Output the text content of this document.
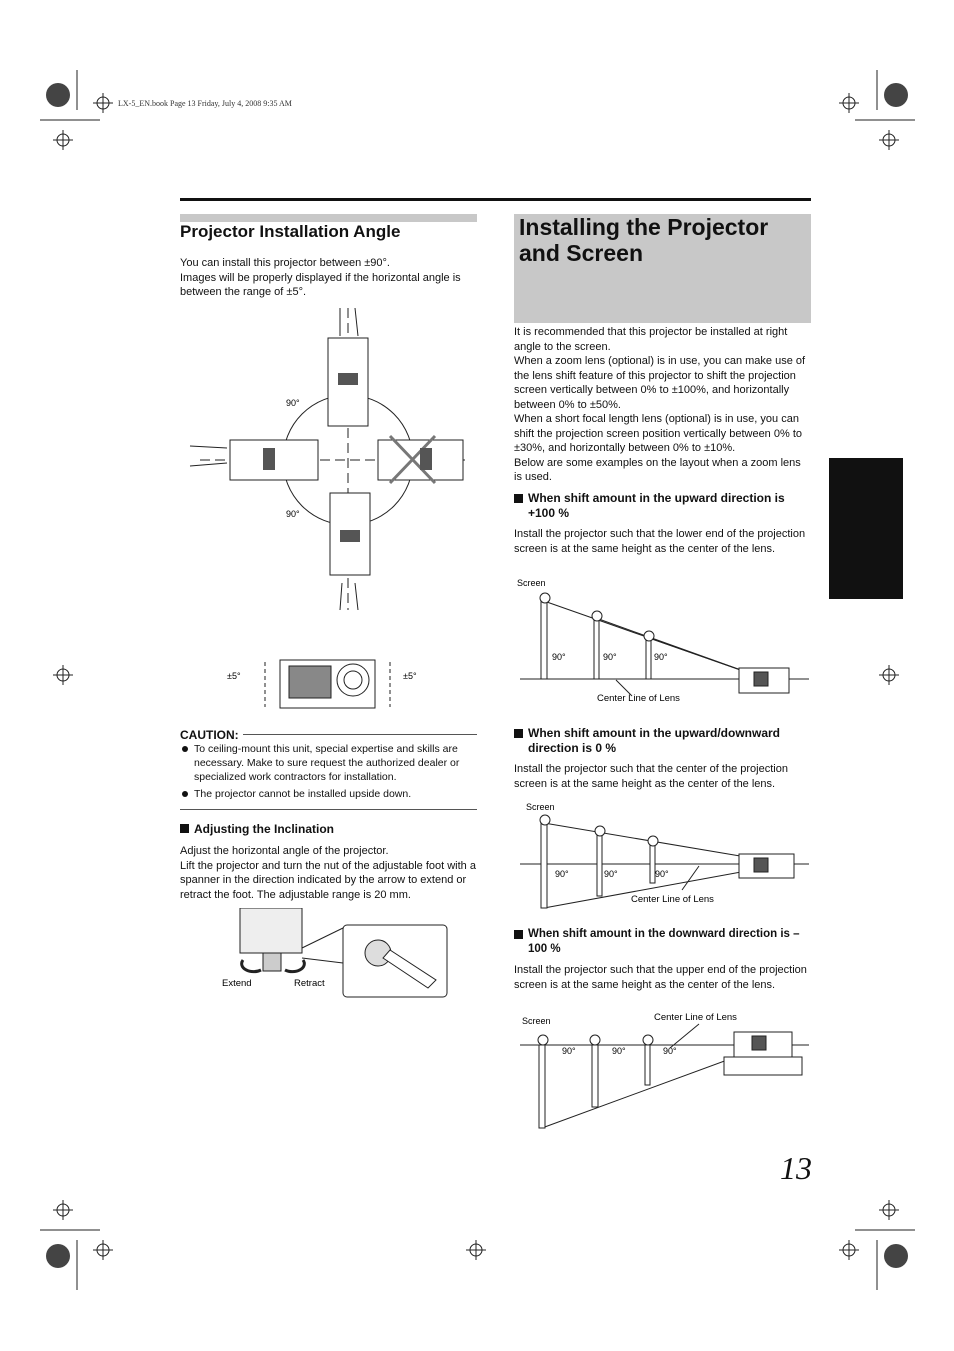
LX-5_EN.book Page 13 Friday, July 4, 2008 9:35 AM
Projector Installation Angle
You can install this projector between ±90°.
Images will be properly displayed if the horizontal angle is between the range of ±5°.
90°
90°
±5°	±5°
CAUTION:
To ceiling-mount this unit, special expertise and skills are necessary. Make to sure request the authorized dealer or specialized work contractors for installation.
The projector cannot be installed upside down.
Adjusting the Inclination
Adjust the horizontal angle of the projector.
Lift the projector and turn the nut of the adjustable foot with a spanner in the direction indicated by the arrow to extend or retract the foot. The adjustable range is 20 mm.
Extend	Retract
Installing the Projector and Screen
It is recommended that this projector be installed at right angle to the screen.
When a zoom lens (optional) is in use, you can make use of the lens shift feature of this projector to shift the projection screen vertically between 0% to ±100%, and horizontally between 0% to ±50%.
When a short focal length lens (optional) is in use, you can shift the projection screen position vertically between 0% to ±30%, and horizontally between 0% to ±10%.
Below are some examples on the layout when a zoom lens is used.
When shift amount in the upward direction is +100 %
Install the projector such that the lower end of the projection screen is at the same height as the center of the lens.
Screen
90°	90°	90°
Center Line of Lens
When shift amount in the upward/downward direction is 0 %
Install the projector such that the center of the projection screen is at the same height as the center of the lens.
Screen
90°	90°	90°
Center Line of Lens
When shift amount in the downward direction is –100 %
Install the projector such that the upper end of the projection screen is at the same height as the center of the lens.
Screen
90°	90°	90°
Center Line of Lens
13
